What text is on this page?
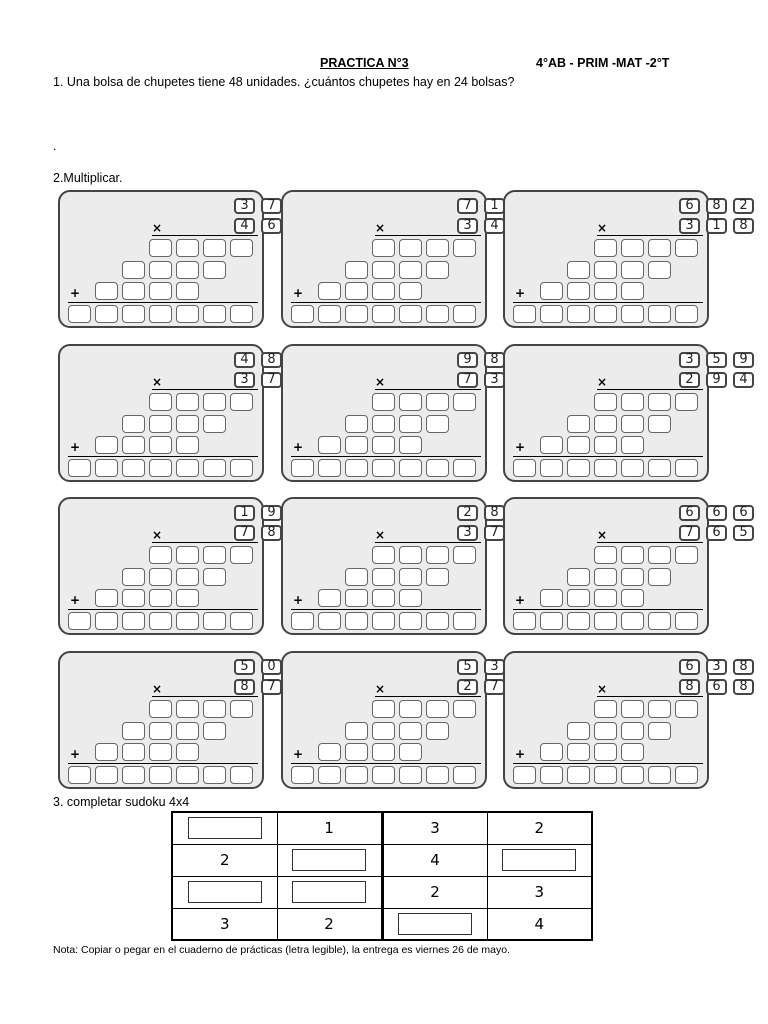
PRACTICA N°3	4°AB - PRIM -MAT -2°T
1. Una bolsa de chupetes tiene 48 unidades. ¿cuántos chupetes hay en 24 bolsas?
.
2.Multiplicar.
3	7
4	6
×
+
7	1
3	4
×
+
6	8	2
3	1	8
×
+
4	8
3	7
×
+
9	8
7	3
×
+
3	5	9
2	9	4
×
+
1	9
7	8
×
+
2	8
3	7
×
+
6	6	6
7	6	5
×
+
5	0
8	7
×
+
5	3
2	7
×
+
6	3	8
8	6	8
×
+
3. completar sudoku 4x4
	1	3	2
2		4	
		2	3
3	2		4
Nota: Copiar o pegar en el cuaderno de prácticas (letra legible), la entrega es viernes 26 de mayo.
